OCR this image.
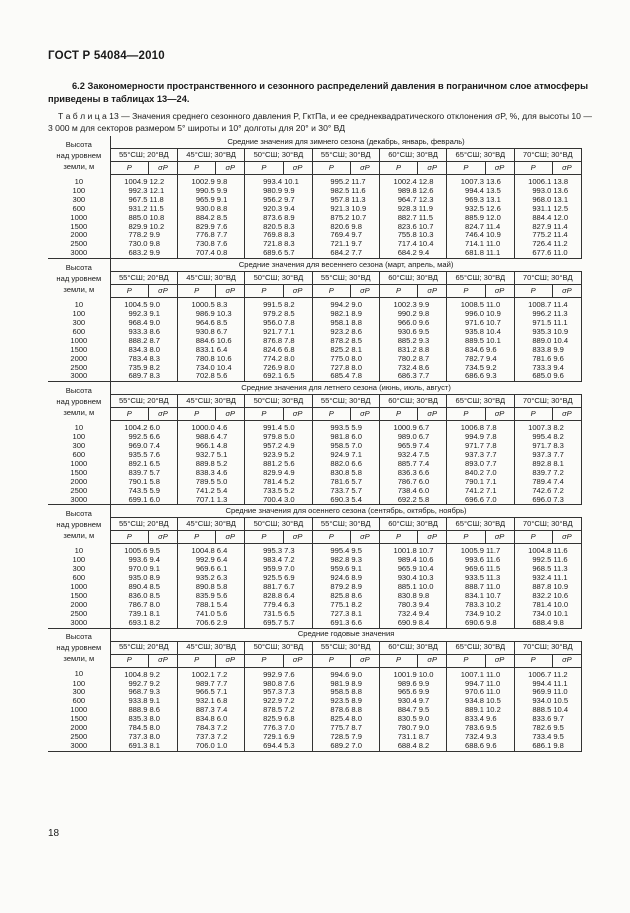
ГОСТ Р 54084—2010
6.2 Закономерности пространственного и сезонного распределений давления в пограничном слое атмосферы приведены в таблицах 13—24.
Т а б л и ц а 13 — Значения среднего сезонного давления P, ГктПа, и ее среднеквадратического отклонения σP, %, для высоты 10 — 3 000 м для секторов размером 5° широты и 10° долготы для 20° и 30° ВД
Высота
над уровнем
земли, м	Средние значения для зимнего сезона (декабрь, январь, февраль)													
	55°СШ; 20°ВД		45°СШ; 30°ВД		50°СШ; 30°ВД		55°СШ; 30°ВД		60°СШ; 30°ВД		65°СШ; 30°ВД		70°СШ; 30°ВД	
	P	σP	P	σP	P	σP	P	σP	P	σP	P	σP	P	σP
10	1004.9	12.2	1002.9	9.8	993.4	10.1	995.2	11.7	1002.4	12.8	1007.3	13.6	1006.1	13.8
100	992.3	12.1	990.5	9.9	980.9	9.9	982.5	11.6	989.8	12.6	994.4	13.5	993.0	13.6
300	967.5	11.8	965.9	9.1	956.2	9.7	957.8	11.3	964.7	12.3	969.3	13.1	968.0	13.1
600	931.2	11.5	930.0	8.8	920.3	9.4	921.3	10.9	928.3	11.9	932.5	12.6	931.1	12.5
1000	885.0	10.8	884.2	8.5	873.6	8.9	875.2	10.7	882.7	11.5	885.9	12.0	884.4	12.0
1500	829.9	10.2	829.9	7.6	820.5	8.3	820.6	9.8	823.6	10.7	824.7	11.4	827.9	11.4
2000	778.2	9.9	776.8	7.7	769.8	8.3	769.4	9.7	755.8	10.3	746.4	10.9	775.2	11.4
2500	730.0	9.8	730.8	7.6	721.8	8.3	721.1	9.7	717.4	10.4	714.1	11.0	726.4	11.2
3000	683.2	9.9	707.4	0.8	689.6	5.7	684.2	7.7	684.2	9.4	681.8	11.1	677.6	11.0
Высота
над уровнем
земли, м	Средние значения для весеннего сезона (март, апрель, май)													
	55°СШ; 20°ВД		45°СШ; 30°ВД		50°СШ; 30°ВД		55°СШ; 30°ВД		60°СШ; 30°ВД		65°СШ; 30°ВД		70°СШ; 30°ВД	
	P	σP	P	σP	P	σP	P	σP	P	σP	P	σP	P	σP
10	1004.5	9.0	1000.5	8.3	991.5	8.2	994.2	9.0	1002.3	9.9	1008.5	11.0	1008.7	11.4
100	992.3	9.1	986.9	10.3	979.2	8.5	982.1	8.9	990.2	9.8	996.0	10.9	996.2	11.3
300	968.4	9.0	964.6	8.5	956.0	7.8	958.1	8.8	966.0	9.6	971.6	10.7	971.5	11.1
600	933.3	8.6	930.8	6.7	921.7	7.1	923.2	8.6	930.6	9.5	935.8	10.4	935.3	10.9
1000	888.2	8.7	884.6	10.6	876.8	7.8	878.2	8.5	885.2	9.3	889.5	10.1	889.0	10.4
1500	834.3	8.0	833.1	6.4	824.6	6.8	825.2	8.1	831.2	8.8	834.6	9.6	833.8	9.9
2000	783.4	8.3	780.8	10.6	774.2	8.0	775.0	8.0	780.2	8.7	782.7	9.4	781.6	9.6
2500	735.9	8.2	734.0	10.4	726.9	8.0	727.8	8.0	732.4	8.6	734.5	9.2	733.3	9.4
3000	689.7	8.3	702.8	5.6	692.1	6.5	685.4	7.8	686.3	7.7	686.6	9.3	685.0	9.6
Высота
над уровнем
земли, м	Средние значения для летнего сезона (июнь, июль, август)													
	55°СШ; 20°ВД		45°СШ; 30°ВД		50°СШ; 30°ВД		55°СШ; 30°ВД		60°СШ; 30°ВД		65°СШ; 30°ВД		70°СШ; 30°ВД	
	P	σP	P	σP	P	σP	P	σP	P	σP	P	σP	P	σP
10	1004.2	6.0	1000.0	4.6	991.4	5.0	993.5	5.9	1000.9	6.7	1006.8	7.8	1007.3	8.2
100	992.5	6.6	988.6	4.7	979.8	5.0	981.8	6.0	989.0	6.7	994.9	7.8	995.4	8.2
300	969.0	7.4	966.1	4.8	957.2	4.9	958.5	7.0	965.9	7.4	971.7	7.8	971.7	8.3
600	935.5	7.6	932.7	5.1	923.9	5.2	924.9	7.1	932.4	7.5	937.3	7.7	937.3	7.7
1000	892.1	6.5	889.8	5.2	881.2	5.6	882.0	6.6	885.7	7.4	893.0	7.7	892.8	8.1
1500	839.7	5.7	838.3	4.6	829.9	4.9	830.8	5.8	836.3	6.6	840.2	7.0	839.7	7.2
2000	790.1	5.8	789.5	5.0	781.4	5.2	781.6	5.7	786.7	6.0	790.1	7.1	789.4	7.4
2500	743.5	5.9	741.2	5.4	733.5	5.2	733.7	5.7	738.4	6.0	741.2	7.1	742.6	7.2
3000	699.1	6.0	707.1	1.3	700.4	3.0	690.3	5.4	692.2	5.8	696.6	7.0	696.0	7.3
Высота
над уровнем
земли, м	Средние значения для осеннего сезона (сентябрь, октябрь, ноябрь)													
	55°СШ; 20°ВД		45°СШ; 30°ВД		50°СШ; 30°ВД		55°СШ; 30°ВД		60°СШ; 30°ВД		65°СШ; 30°ВД		70°СШ; 30°ВД	
	P	σP	P	σP	P	σP	P	σP	P	σP	P	σP	P	σP
10	1005.6	9.5	1004.8	6.4	995.3	7.3	995.4	9.5	1001.8	10.7	1005.9	11.7	1004.8	11.6
100	993.6	9.4	992.9	6.4	983.4	7.2	982.8	9.3	989.4	10.6	993.6	11.6	992.5	11.6
300	970.0	9.1	969.6	6.1	959.9	7.0	959.6	9.1	965.9	10.4	969.6	11.5	968.5	11.3
600	935.0	8.9	935.2	6.3	925.5	6.9	924.6	8.9	930.4	10.3	933.5	11.3	932.4	11.1
1000	890.4	8.5	890.8	5.8	881.7	6.7	879.2	8.9	885.1	10.0	888.7	11.0	887.8	10.9
1500	836.0	8.5	835.9	5.6	828.8	6.4	825.8	8.6	830.8	9.8	834.1	10.7	832.2	10.6
2000	786.7	8.0	788.1	5.4	779.4	6.3	775.1	8.2	780.3	9.4	783.3	10.2	781.4	10.0
2500	739.1	8.1	741.0	5.6	731.5	6.5	727.3	8.1	732.4	9.4	734.9	10.2	734.0	10.1
3000	693.1	8.2	706.6	2.9	695.7	5.7	691.3	6.6	690.9	8.4	690.6	9.8	688.4	9.8
Высота
над уровнем
земли, м	Средние годовые значения													
	55°СШ; 20°ВД		45°СШ; 30°ВД		50°СШ; 30°ВД		55°СШ; 30°ВД		60°СШ; 30°ВД		65°СШ; 30°ВД		70°СШ; 30°ВД	
	P	σP	P	σP	P	σP	P	σP	P	σP	P	σP	P	σP
10	1004.8	9.2	1002.1	7.2	992.9	7.6	994.6	9.0	1001.9	10.0	1007.1	11.0	1006.7	11.2
100	992.7	9.2	989.7	7.7	980.8	7.6	981.9	8.9	989.6	9.9	994.7	11.0	994.4	11.1
300	968.7	9.3	966.5	7.1	957.3	7.3	958.5	8.8	965.6	9.9	970.6	11.0	969.9	11.0
600	933.8	9.1	932.1	6.8	922.9	7.2	923.5	8.9	930.4	9.7	934.8	10.5	934.0	10.5
1000	888.9	8.6	887.3	7.4	878.5	7.2	878.6	8.8	884.7	9.5	889.1	10.2	888.5	10.4
1500	835.3	8.0	834.8	6.0	825.9	6.8	825.4	8.0	830.5	9.0	833.4	9.6	833.6	9.7
2000	784.5	8.0	784.3	7.2	776.3	7.0	775.7	8.7	780.7	9.0	783.6	9.5	782.6	9.5
2500	737.3	8.0	737.3	7.2	729.1	6.9	728.5	7.9	731.1	8.7	732.4	9.3	733.4	9.5
3000	691.3	8.1	706.0	1.0	694.4	5.3	689.2	7.0	688.4	8.2	688.6	9.6	686.1	9.8
18
